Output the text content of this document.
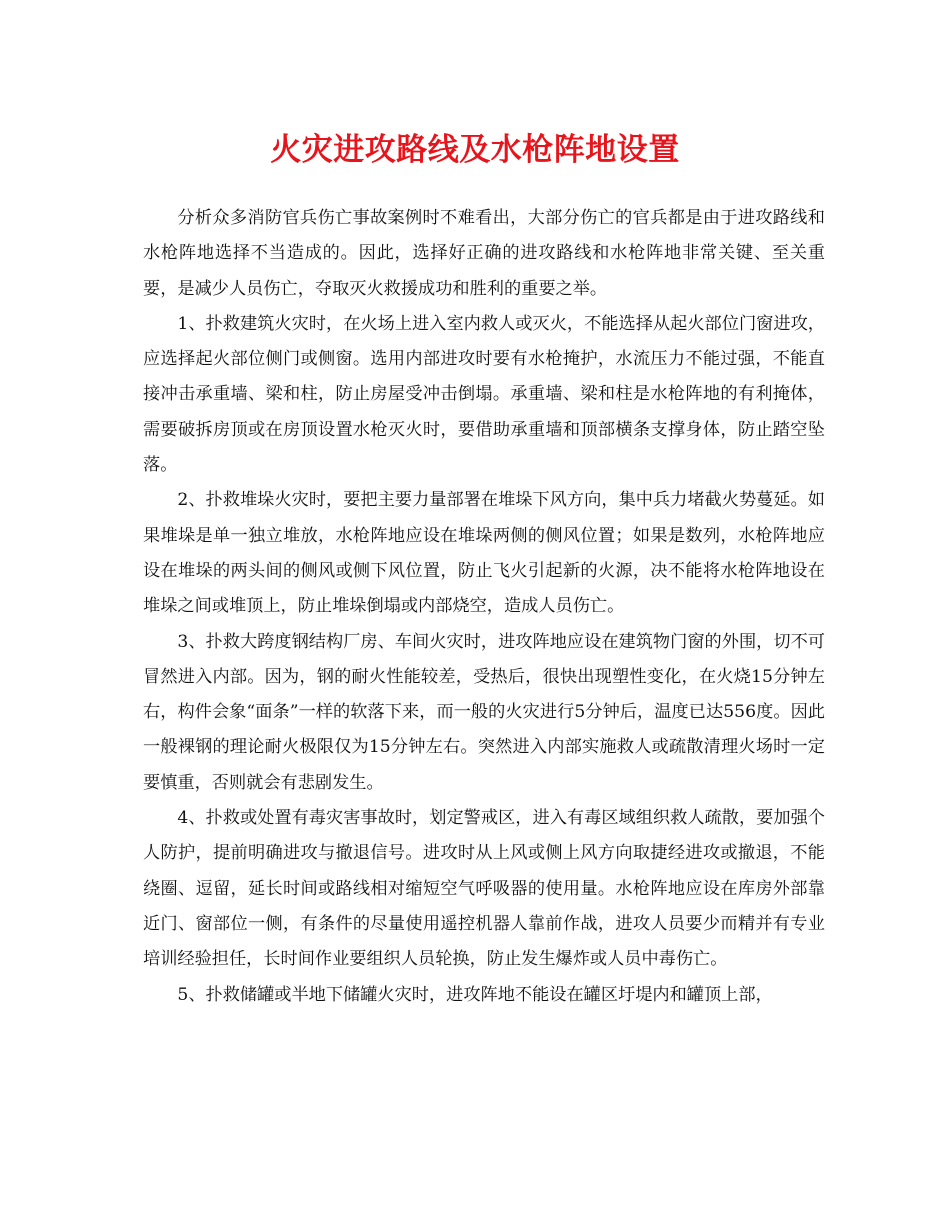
火灾进攻路线及水枪阵地设置

分析众多消防官兵伤亡事故案例时不难看出，大部分伤亡的官兵都是由于进攻路线和水枪阵地选择不当造成的。因此，选择好正确的进攻路线和水枪阵地非常关键、至关重要，是减少人员伤亡，夺取灭火救援成功和胜利的重要之举。

1、扑救建筑火灾时，在火场上进入室内救人或灭火，不能选择从起火部位门窗进攻，应选择起火部位侧门或侧窗。选用内部进攻时要有水枪掩护，水流压力不能过强，不能直接冲击承重墙、梁和柱，防止房屋受冲击倒塌。承重墙、梁和柱是水枪阵地的有利掩体，需要破拆房顶或在房顶设置水枪灭火时，要借助承重墙和顶部横条支撑身体，防止踏空坠落。

2、扑救堆垛火灾时，要把主要力量部署在堆垛下风方向，集中兵力堵截火势蔓延。如果堆垛是单一独立堆放，水枪阵地应设在堆垛两侧的侧风位置；如果是数列，水枪阵地应设在堆垛的两头间的侧风或侧下风位置，防止飞火引起新的火源，决不能将水枪阵地设在堆垛之间或堆顶上，防止堆垛倒塌或内部烧空，造成人员伤亡。

3、扑救大跨度钢结构厂房、车间火灾时，进攻阵地应设在建筑物门窗的外围，切不可冒然进入内部。因为，钢的耐火性能较差，受热后，很快出现塑性变化，在火烧15分钟左右，构件会象“面条”一样的软落下来，而一般的火灾进行5分钟后，温度已达556度。因此一般裸钢的理论耐火极限仅为15分钟左右。突然进入内部实施救人或疏散清理火场时一定要慎重，否则就会有悲剧发生。

4、扑救或处置有毒灾害事故时，划定警戒区，进入有毒区域组织救人疏散，要加强个人防护，提前明确进攻与撤退信号。进攻时从上风或侧上风方向取捷经进攻或撤退，不能绕圈、逗留，延长时间或路线相对缩短空气呼吸器的使用量。水枪阵地应设在库房外部靠近门、窗部位一侧，有条件的尽量使用遥控机器人靠前作战，进攻人员要少而精并有专业培训经验担任，长时间作业要组织人员轮换，防止发生爆炸或人员中毒伤亡。

5、扑救储罐或半地下储罐火灾时，进攻阵地不能设在罐区圩堤内和罐顶上部，
